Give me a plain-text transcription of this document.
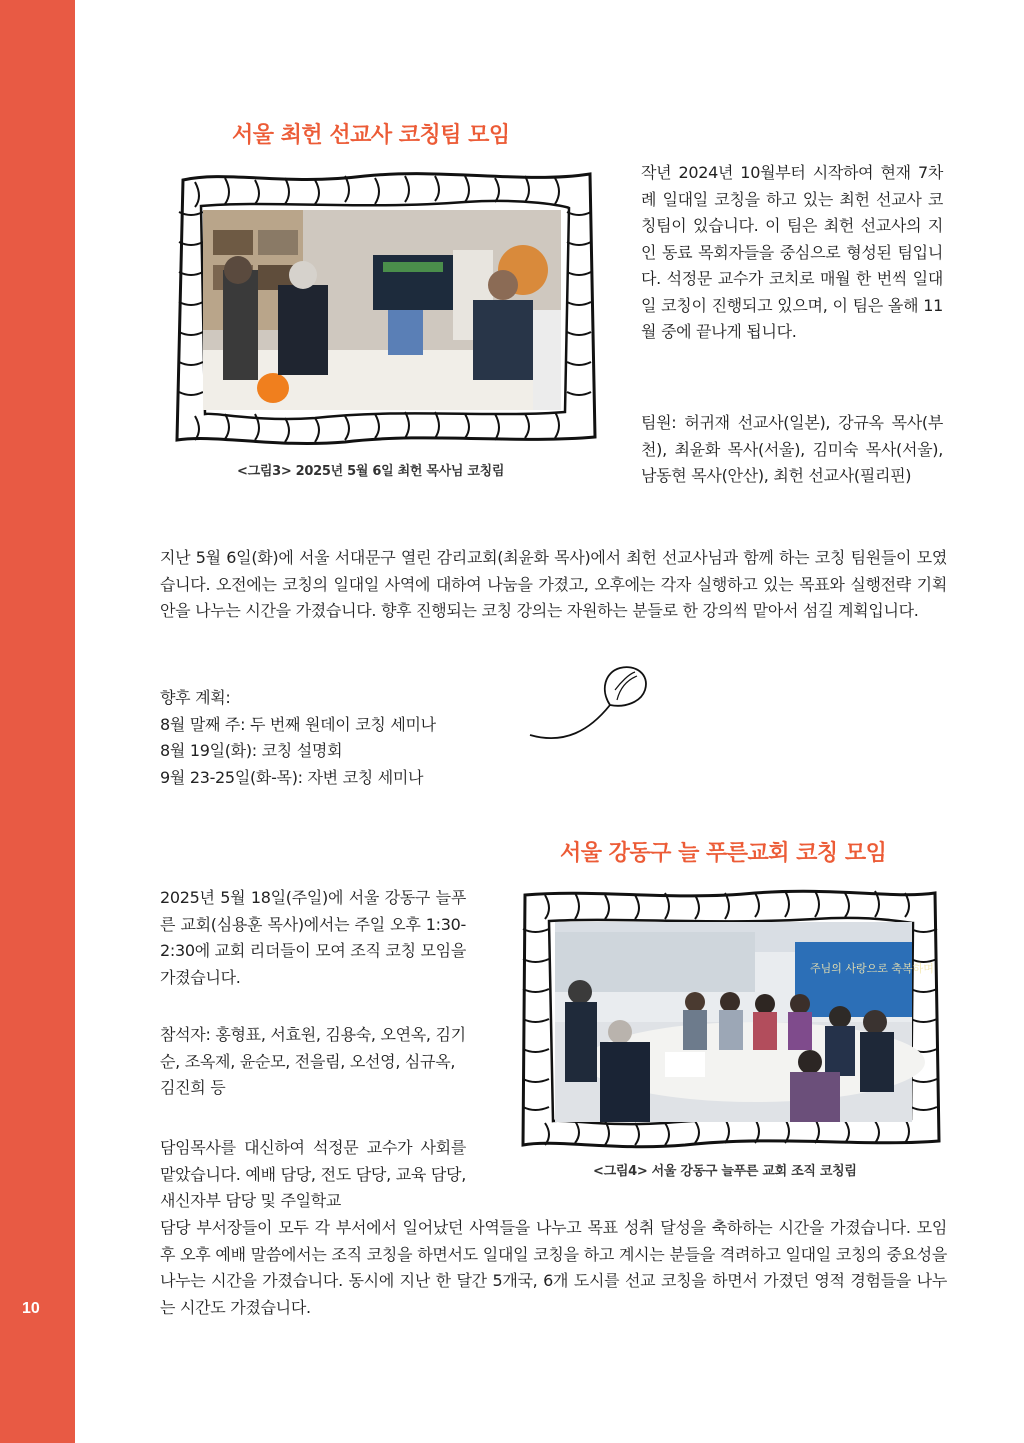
10
서울 최헌 선교사 코칭팀 모임
<그림3> 2025년 5월 6일 최헌 목사님 코칭림

작년 2024년 10월부터 시작하여 현재 7차례 일대일 코칭을 하고 있는 최헌 선교사 코칭팀이 있습니다. 이 팀은 최헌 선교사의 지인 동료 목회자들을 중심으로 형성된 팀입니다. 석정문 교수가 코치로 매월 한 번씩 일대일 코칭이 진행되고 있으며, 이 팀은 올해 11월 중에 끝나게 됩니다.

팀원: 허귀재 선교사(일본), 강규옥 목사(부천), 최윤화 목사(서울), 김미숙 목사(서울), 남동현 목사(안산), 최헌 선교사(필리핀)

지난 5월 6일(화)에 서울 서대문구 열린 감리교회(최윤화 목사)에서 최헌 선교사님과 함께 하는 코칭 팀원들이 모였습니다. 오전에는 코칭의 일대일 사역에 대하여 나눔을 가졌고, 오후에는 각자 실행하고 있는 목표와 실행전략 기획안을 나누는 시간을 가졌습니다. 향후 진행되는 코칭 강의는 자원하는 분들로 한 강의씩 맡아서 섬길 계획입니다.

향후 계획:
8월 말째 주: 두 번째 원데이 코칭 세미나
8월 19일(화): 코칭 설명회
9월 23-25일(화-목): 자변 코칭 세미나
서울 강동구 늘 푸른교회 코칭 모임

2025년 5월 18일(주일)에 서울 강동구 늘푸른 교회(심용훈 목사)에서는 주일 오후 1:30-2:30에 교회 리더들이 모여 조직 코칭 모임을 가졌습니다.

참석자: 홍형표, 서효원, 김용숙, 오연옥, 김기순, 조옥제, 윤순모, 전을림, 오선영, 심규옥, 김진희 등

담임목사를 대신하여 석정문 교수가 사회를 맡았습니다. 예배 담당, 전도 담당, 교육 담당, 새신자부 담당 및 주일학교

담당 부서장들이 모두 각 부서에서 일어났던 사역들을 나누고 목표 성취 달성을 축하하는 시간을 가졌습니다. 모임 후 오후 예배 말씀에서는 조직 코칭을 하면서도 일대일 코칭을 하고 계시는 분들을 격려하고 일대일 코칭의 중요성을 나누는 시간을 가졌습니다. 동시에 지난 한 달간 5개국, 6개 도시를 선교 코칭을 하면서 가졌던 영적 경험들을 나누는 시간도 가졌습니다.

주님의 사랑으로 축복하며
<그림4> 서울 강동구 늘푸른 교회 조직 코칭림
